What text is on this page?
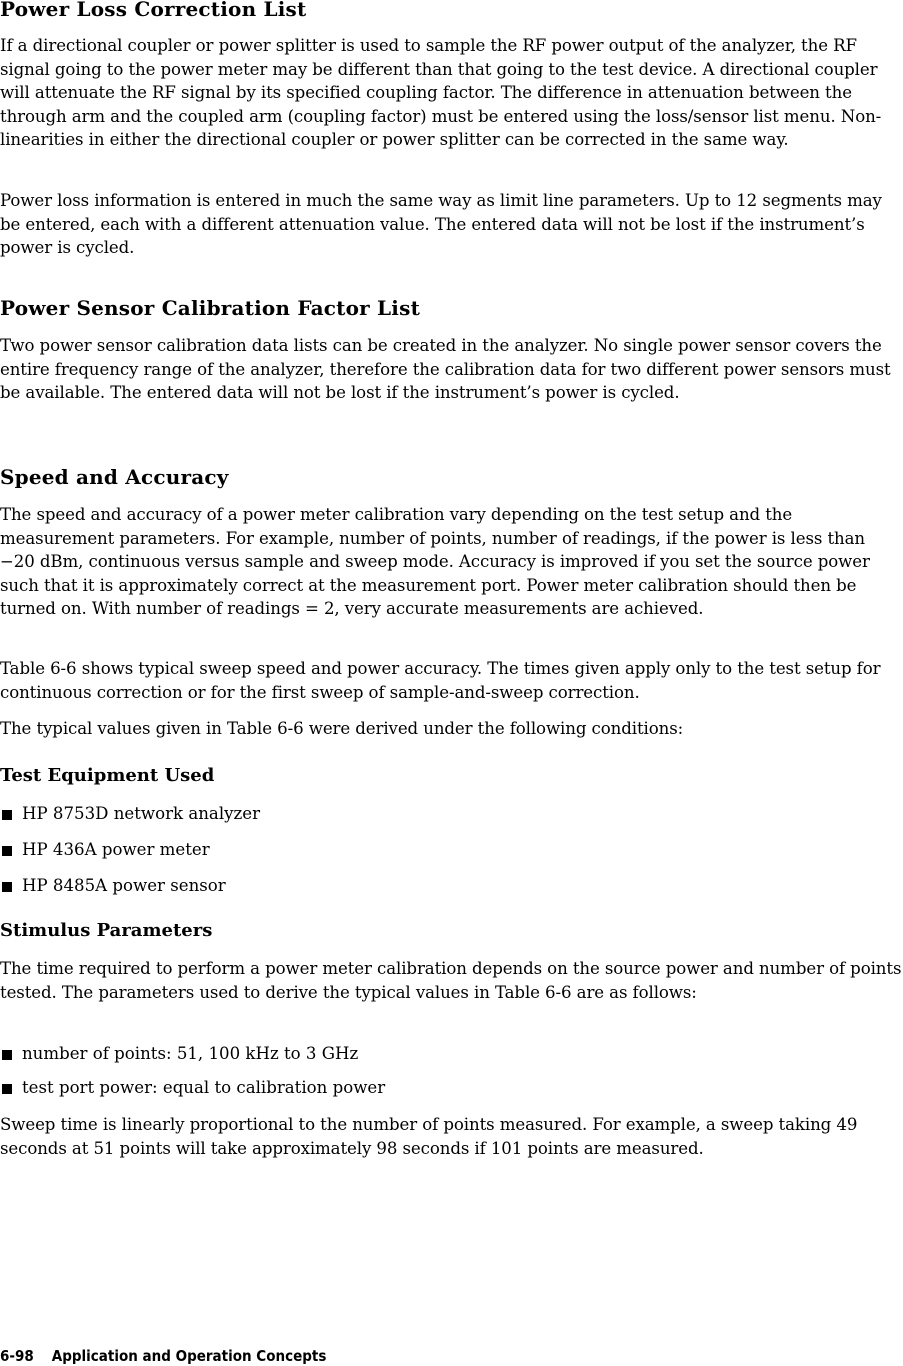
Power Loss Correction List

If a directional coupler or power splitter is used to sample the RF power output of the analyzer, the RF signal going to the power meter may be different than that going to the test device. A directional coupler will attenuate the RF signal by its specified coupling factor. The difference in attenuation between the through arm and the coupled arm (coupling factor) must be entered using the loss/sensor list menu. Non-linearities in either the directional coupler or power splitter can be corrected in the same way.

Power loss information is entered in much the same way as limit line parameters. Up to 12 segments may be entered, each with a different attenuation value. The entered data will not be lost if the instrument’s power is cycled.

Power Sensor Calibration Factor List

Two power sensor calibration data lists can be created in the analyzer. No single power sensor covers the entire frequency range of the analyzer, therefore the calibration data for two different power sensors must be available. The entered data will not be lost if the instrument’s power is cycled.

Speed and Accuracy

The speed and accuracy of a power meter calibration vary depending on the test setup and the measurement parameters. For example, number of points, number of readings, if the power is less than −20 dBm, continuous versus sample and sweep mode. Accuracy is improved if you set the source power such that it is approximately correct at the measurement port. Power meter calibration should then be turned on. With number of readings = 2, very accurate measurements are achieved.

Table 6-6 shows typical sweep speed and power accuracy. The times given apply only to the test setup for continuous correction or for the first sweep of sample-and-sweep correction.

The typical values given in Table 6-6 were derived under the following conditions:

Test Equipment Used
HP 8753D network analyzer
HP 436A power meter
HP 8485A power sensor
Stimulus Parameters

The time required to perform a power meter calibration depends on the source power and number of points tested. The parameters used to derive the typical values in Table 6-6 are as follows:

number of points: 51, 100 kHz to 3 GHz
test port power: equal to calibration power

Sweep time is linearly proportional to the number of points measured. For example, a sweep taking 49 seconds at 51 points will take approximately 98 seconds if 101 points are measured.

6-98 Application and Operation Concepts
